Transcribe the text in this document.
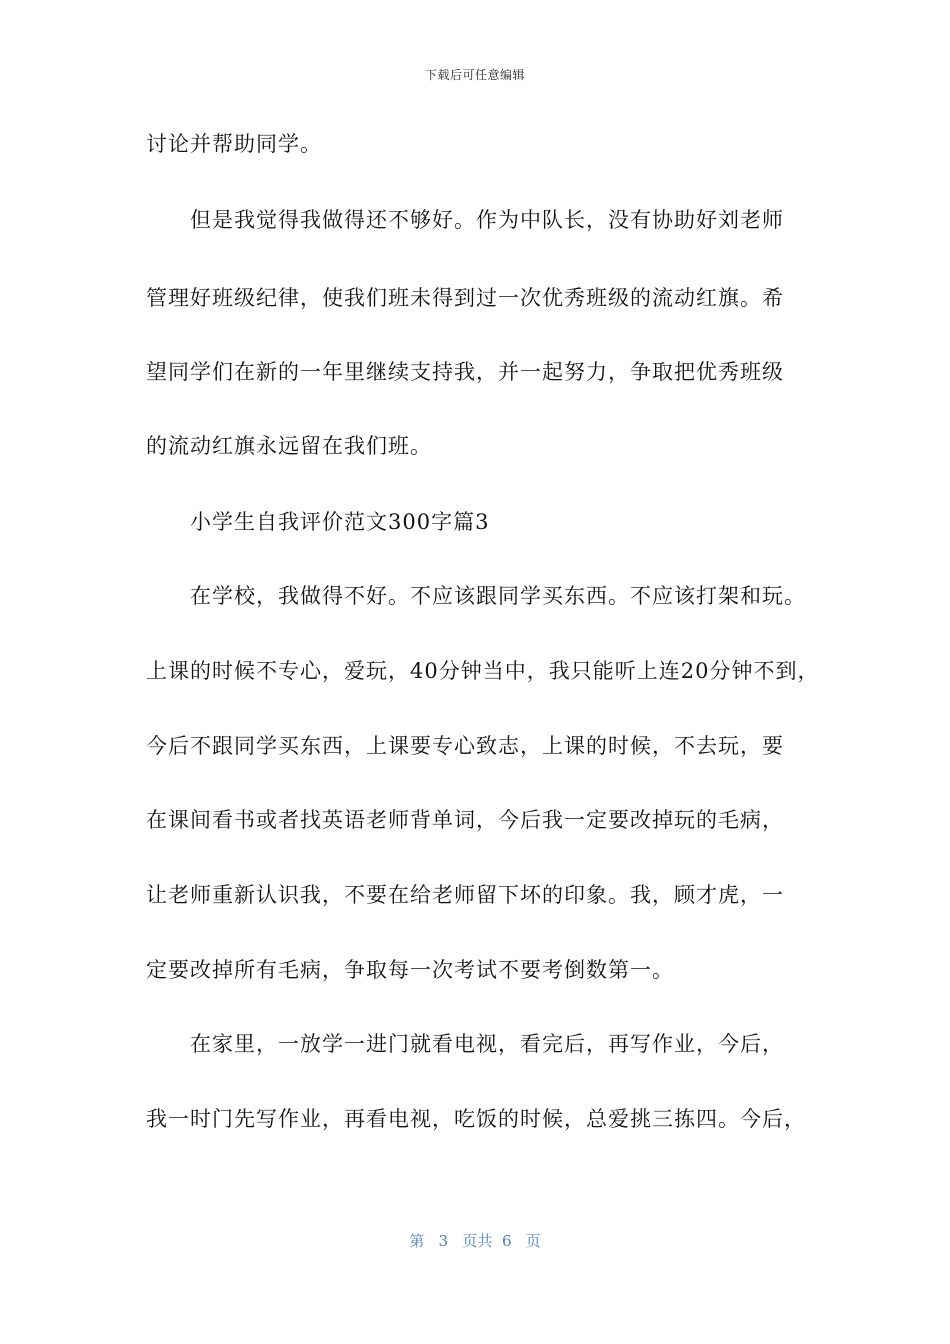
下载后可任意编辑
讨论并帮助同学。
但是我觉得我做得还不够好。作为中队长，没有协助好刘老师
管理好班级纪律，使我们班未得到过一次优秀班级的流动红旗。希
望同学们在新的一年里继续支持我，并一起努力，争取把优秀班级
的流动红旗永远留在我们班。
小学生自我评价范文300字篇3
在学校，我做得不好。不应该跟同学买东西。不应该打架和玩。
上课的时候不专心，爱玩，40分钟当中，我只能听上连20分钟不到，
今后不跟同学买东西，上课要专心致志，上课的时候，不去玩，要
在课间看书或者找英语老师背单词，今后我一定要改掉玩的毛病，
让老师重新认识我，不要在给老师留下坏的印象。我，顾才虎，一
定要改掉所有毛病，争取每一次考试不要考倒数第一。
在家里，一放学一进门就看电视，看完后，再写作业，今后，
我一时门先写作业，再看电视，吃饭的时候，总爱挑三拣四。今后，
第 3 页共 6 页
